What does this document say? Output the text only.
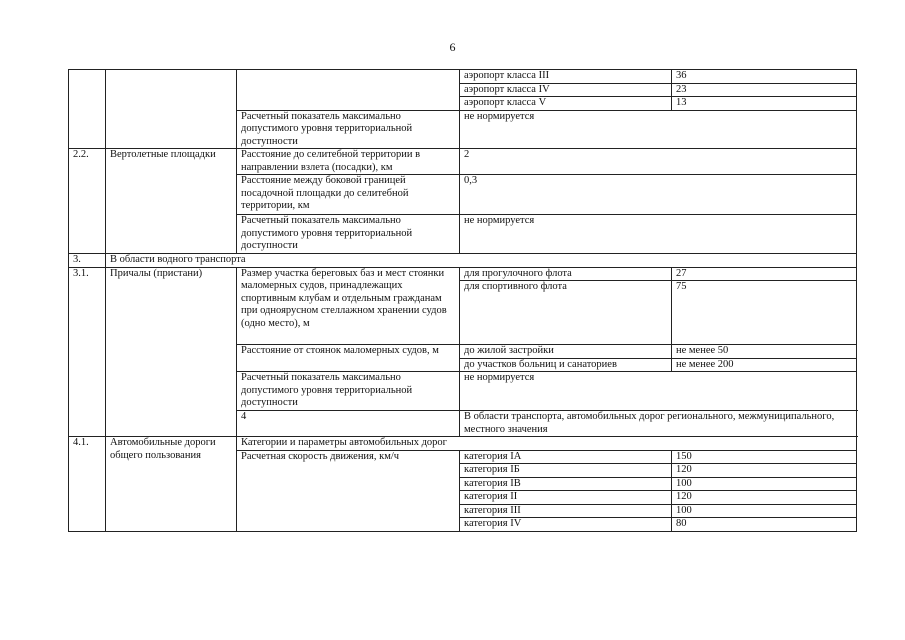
6
			аэропорт класса III	36
			аэропорт класса IV	23
			аэропорт класса V	13
		Расчетный показатель максимально допустимого уровня территориальной доступности	не нормируется	
2.2.	Вертолетные площадки	Расстояние до селитебной территории в направлении взлета (посадки), км	2	
		Расстояние между боковой границей посадочной площадки до селитебной территории, км	0,3	
		Расчетный показатель максимально допустимого уровня территориальной доступности	не нормируется	
3.	В области водного транспорта			
3.1.	Причалы (пристани)	Размер участка береговых баз и мест стоянки маломерных судов, принадлежащих спортивным клубам и отдельным гражданам при одноярусном стеллажном хранении судов (одно место), м	для прогулочного флота	27
			для спортивного флота	75
		Расстояние от стоянок маломерных судов, м	до жилой застройки	не менее 50
			до участков больниц и санаториев	не менее 200
		Расчетный показатель максимально допустимого уровня территориальной доступности	не нормируется	
		4	В области транспорта, автомобильных дорог регионального, межмуниципального, местного значения	
4.1.	Автомобильные дороги общего пользования	Категории и параметры автомобильных дорог		
		Расчетная скорость движения, км/ч	категория IA	150
			категория IБ	120
			категория IB	100
			категория II	120
			категория III	100
			категория IV	80
